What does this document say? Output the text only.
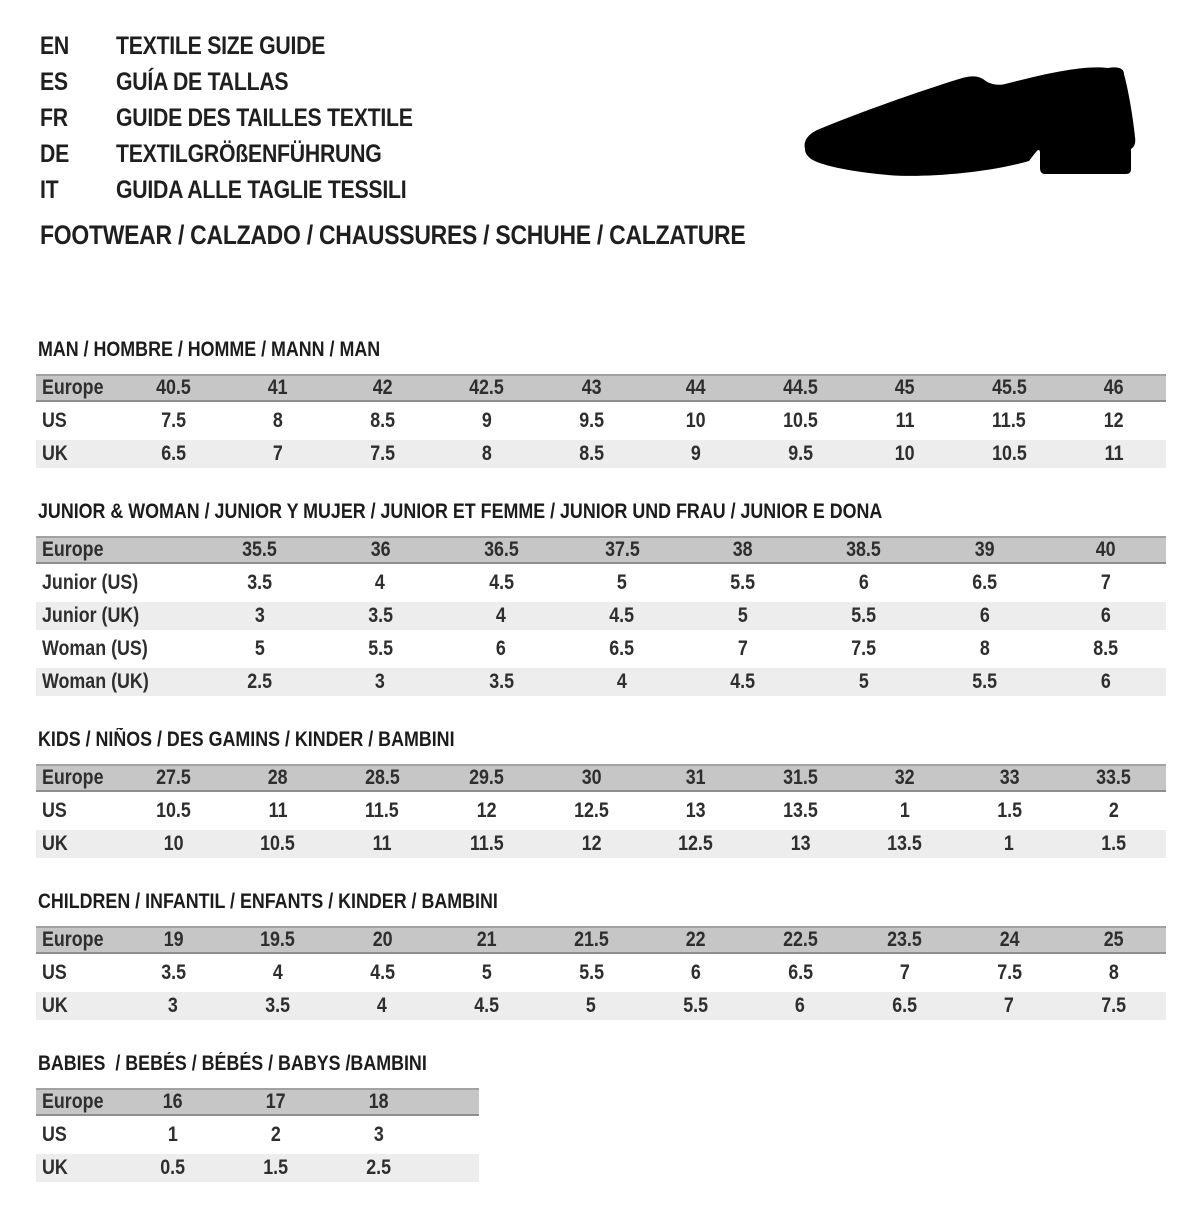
EN	TEXTILE SIZE GUIDE
ES	GUÍA DE TALLAS
FR	GUIDE DES TAILLES TEXTILE
DE	TEXTILGRÖßENFÜHRUNG
IT	GUIDA ALLE TAGLIE TESSILI
FOOTWEAR / CALZADO / CHAUSSURES / SCHUHE / CALZATURE
MAN / HOMBRE / HOMME / MANN / MAN
Europe	40.5	41	42	42.5	43	44	44.5	45	45.5	46
US	7.5	8	8.5	9	9.5	10	10.5	11	11.5	12
UK	6.5	7	7.5	8	8.5	9	9.5	10	10.5	11
JUNIOR & WOMAN / JUNIOR Y MUJER / JUNIOR ET FEMME / JUNIOR UND FRAU / JUNIOR E DONA
Europe	35.5	36	36.5	37.5	38	38.5	39	40
Junior (US)	3.5	4	4.5	5	5.5	6	6.5	7
Junior (UK)	3	3.5	4	4.5	5	5.5	6	6
Woman (US)	5	5.5	6	6.5	7	7.5	8	8.5
Woman (UK)	2.5	3	3.5	4	4.5	5	5.5	6
KIDS / NIÑOS / DES GAMINS / KINDER / BAMBINI
Europe	27.5	28	28.5	29.5	30	31	31.5	32	33	33.5
US	10.5	11	11.5	12	12.5	13	13.5	1	1.5	2
UK	10	10.5	11	11.5	12	12.5	13	13.5	1	1.5
CHILDREN / INFANTIL / ENFANTS / KINDER / BAMBINI
Europe	19	19.5	20	21	21.5	22	22.5	23.5	24	25
US	3.5	4	4.5	5	5.5	6	6.5	7	7.5	8
UK	3	3.5	4	4.5	5	5.5	6	6.5	7	7.5
BABIES  / BEBÉS / BÉBÉS / BABYS /BAMBINI
Europe	16	17	18
US	1	2	3
UK	0.5	1.5	2.5
